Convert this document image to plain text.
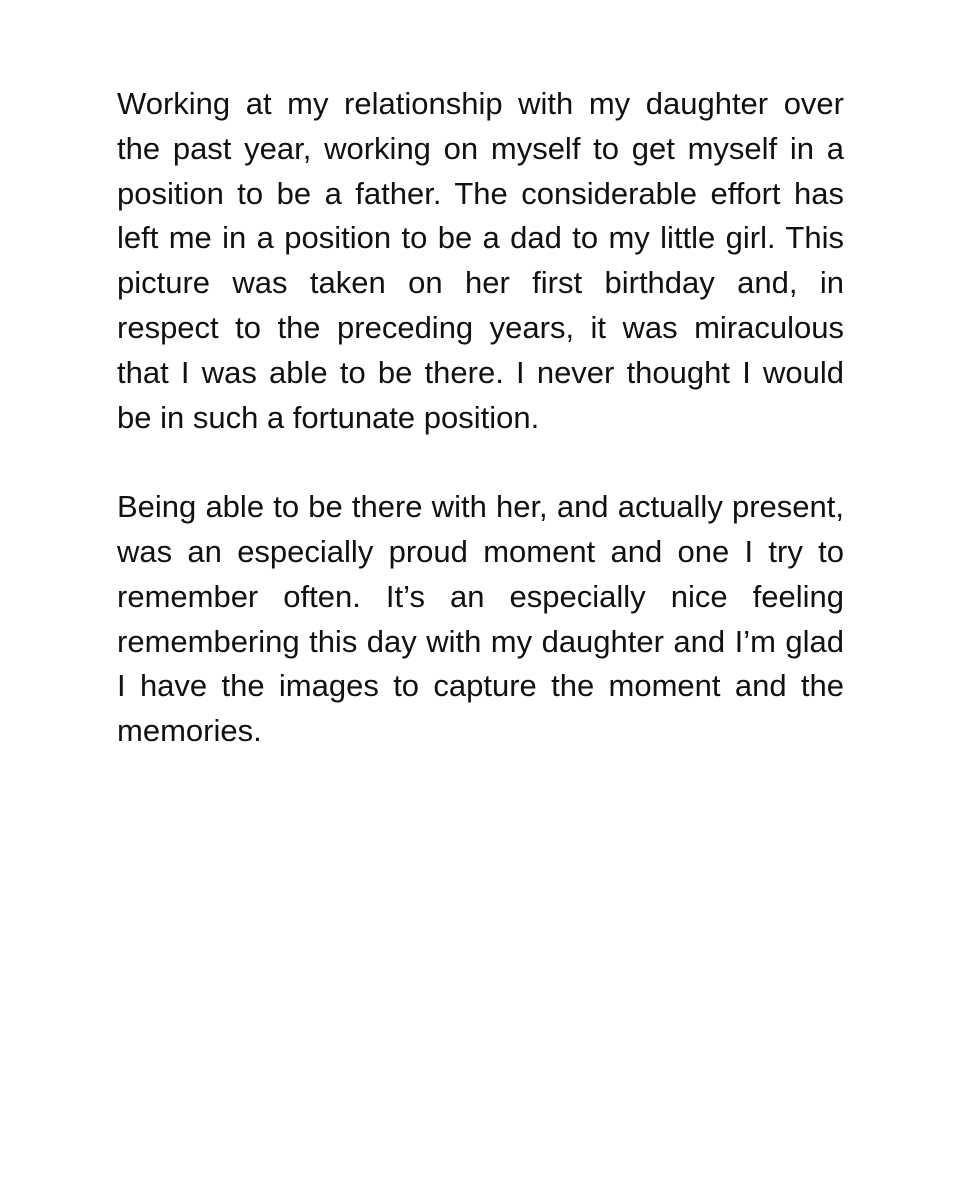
Working at my relationship with my daughter over the past year, working on myself to get myself in a position to be a father. The considerable effort has left me in a position to be a dad to my little girl. This picture was taken on her first birthday and, in respect to the preceding years, it was miraculous that I was able to be there. I never thought I would be in such a fortunate position.

Being able to be there with her, and actually present, was an especially proud moment and one I try to remember often. It’s an especially nice feeling remembering this day with my daughter and I’m glad I have the images to capture the moment and the memories.
